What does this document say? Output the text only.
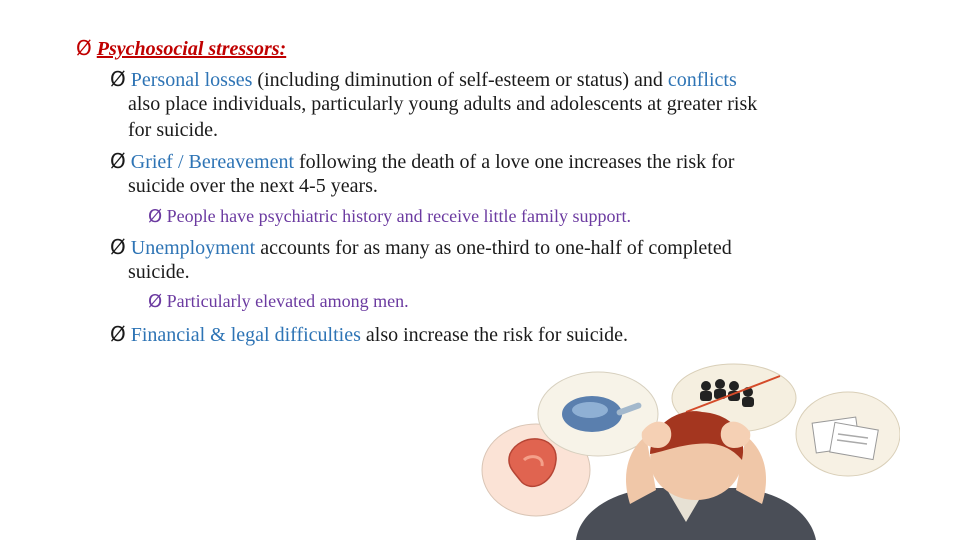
Ø Psychosocial stressors:
Ø Personal losses (including diminution of self-esteem or status) and conflicts
also place individuals, particularly young adults and adolescents at greater risk
for suicide.
Ø Grief / Bereavement following the death of a love one increases the risk for
suicide over the next 4-5 years.
Ø People have psychiatric history and receive little family support.
Ø Unemployment accounts for as many as one-third to one-half of completed
suicide.
Ø Particularly elevated among men.
Ø Financial & legal difficulties also increase the risk for suicide.
